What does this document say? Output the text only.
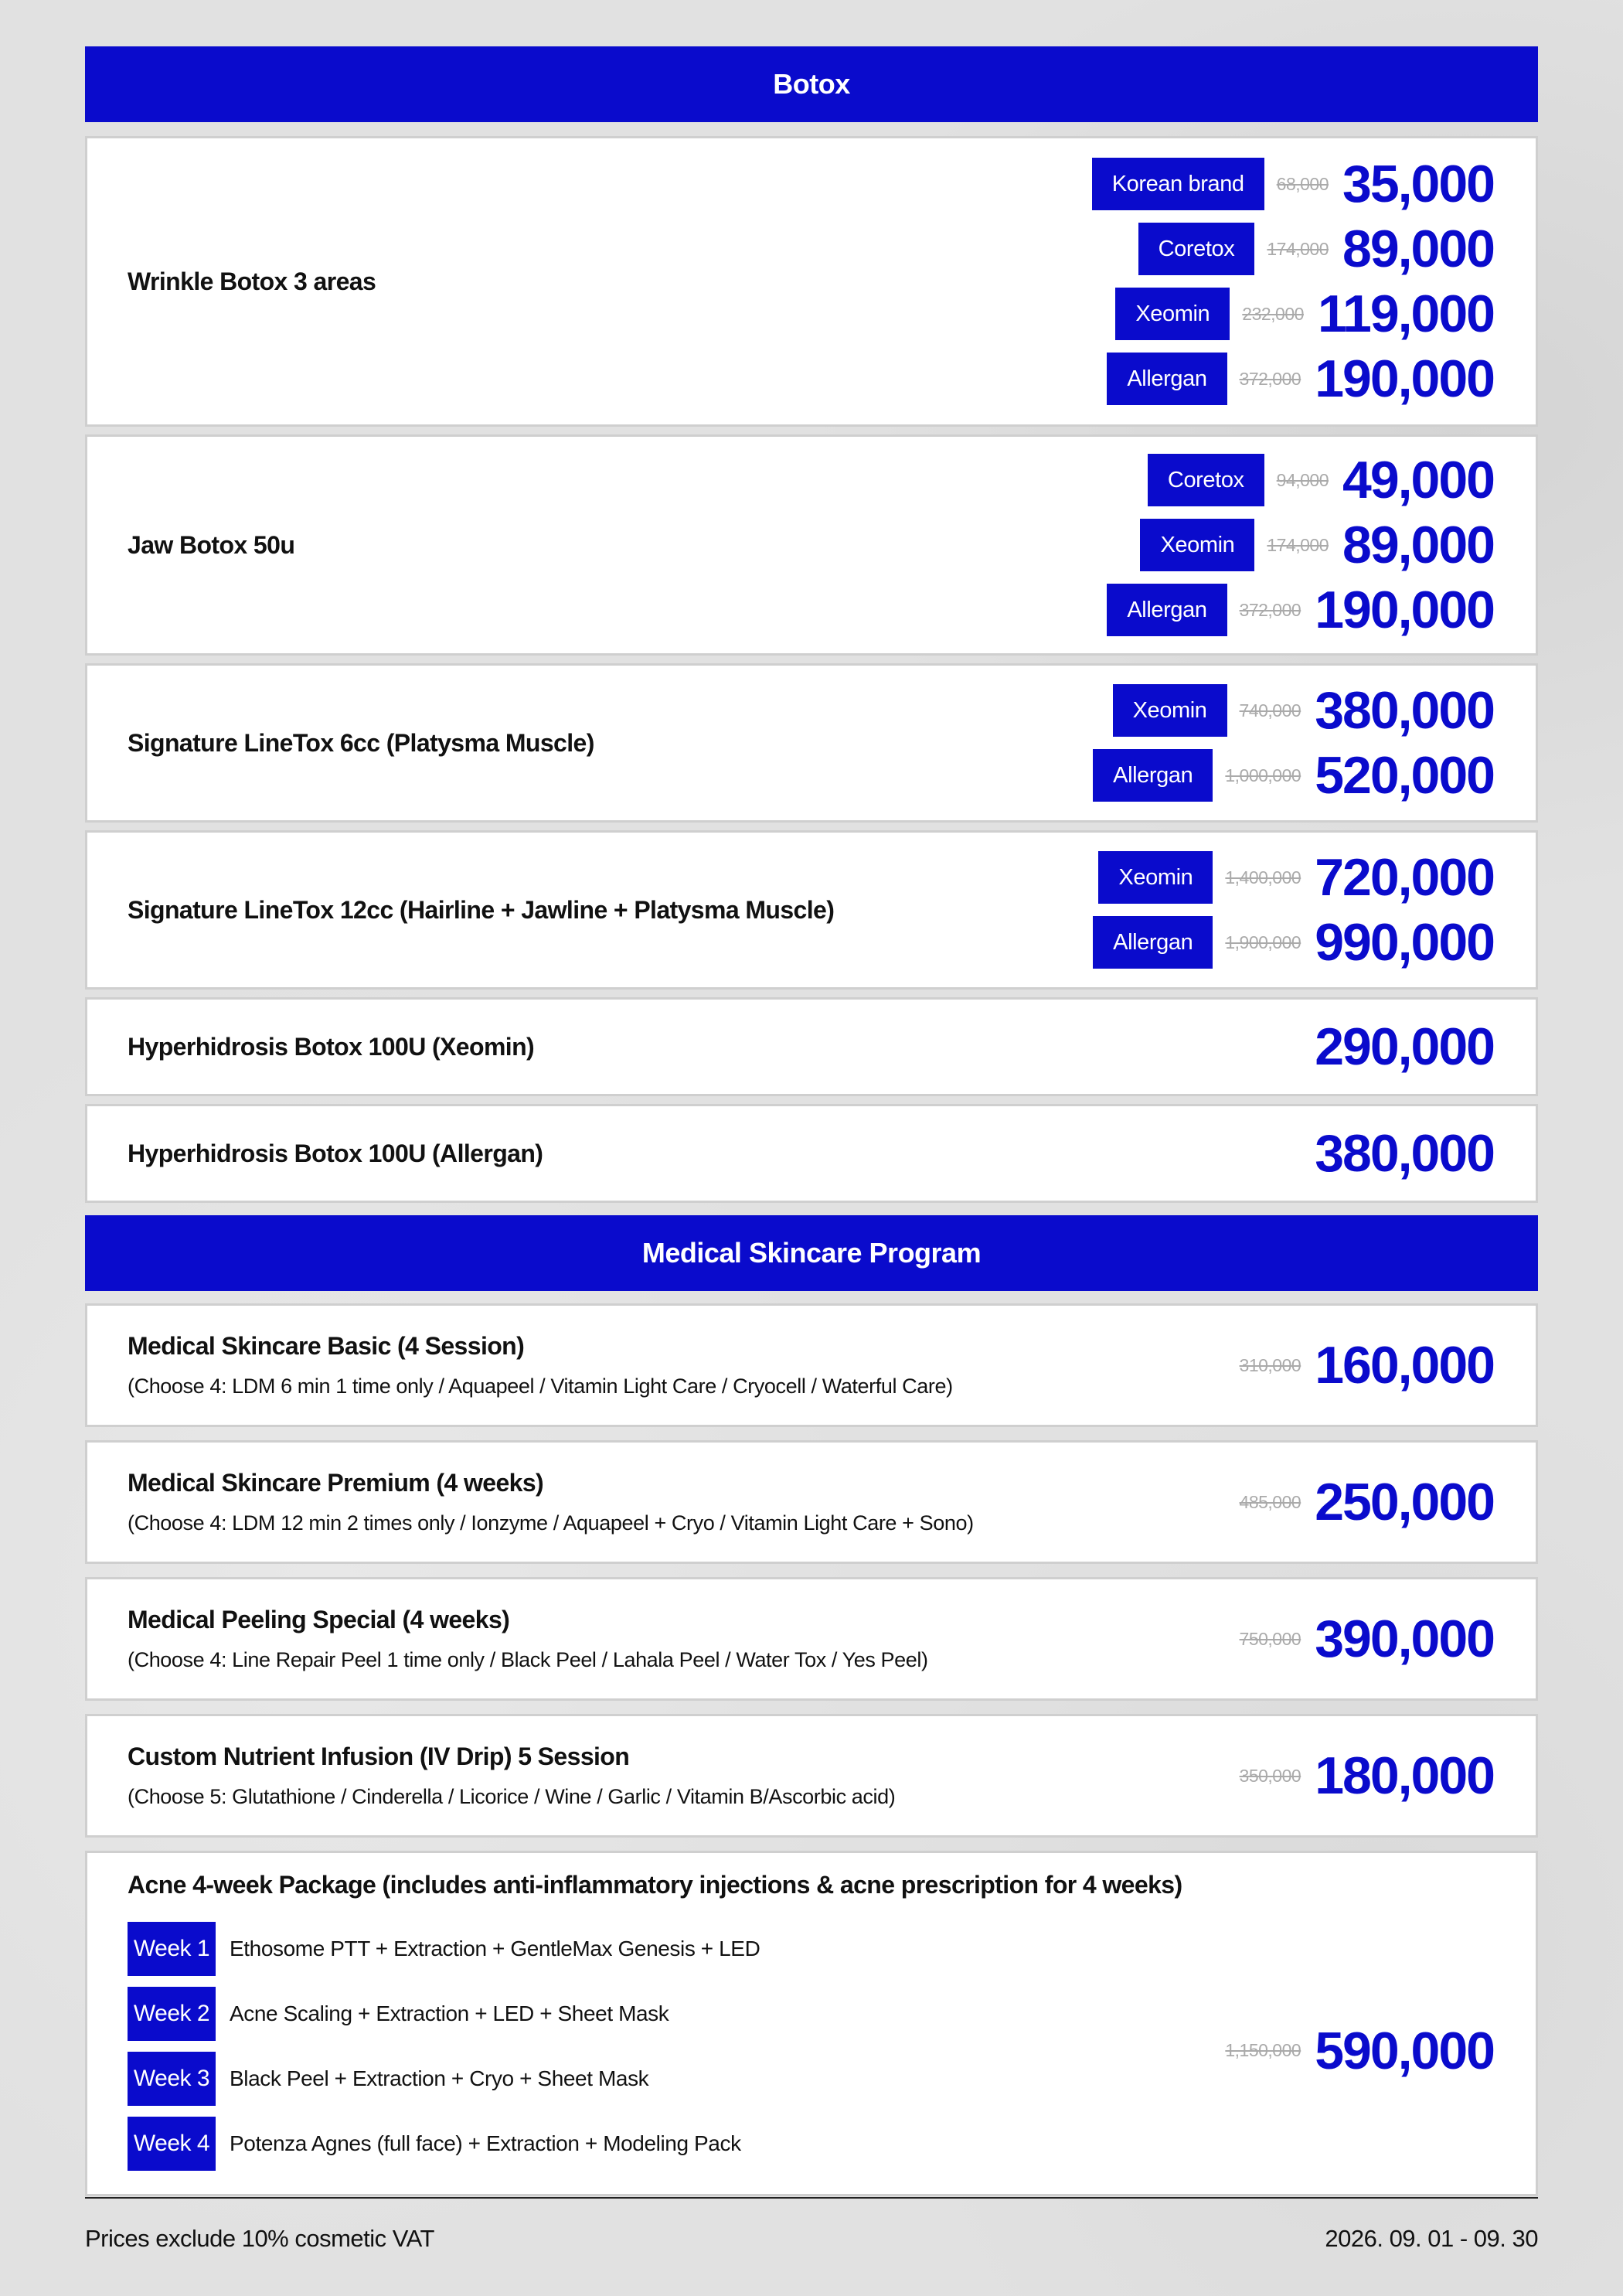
Botox
Wrinkle Botox 3 areas
Korean brand	68,000 35,000
Coretox	174,000 89,000
Xeomin	232,000 119,000
Allergan	372,000 190,000
Jaw Botox 50u
Coretox	94,000 49,000
Xeomin	174,000 89,000
Allergan	372,000 190,000
Signature LineTox 6cc (Platysma Muscle)
Xeomin	740,000 380,000
Allergan	1,000,000 520,000
Signature LineTox 12cc (Hairline + Jawline + Platysma Muscle)
Xeomin	1,400,000 720,000
Allergan	1,900,000 990,000
Hyperhidrosis Botox 100U (Xeomin)	290,000
Hyperhidrosis Botox 100U (Allergan)	380,000
Medical Skincare Program
Medical Skincare Basic (4 Session)
(Choose 4: LDM 6 min 1 time only / Aquapeel / Vitamin Light Care / Cryocell / Waterful Care)
310,000 160,000
Medical Skincare Premium (4 weeks)
(Choose 4: LDM 12 min 2 times only / Ionzyme / Aquapeel + Cryo / Vitamin Light Care + Sono)
485,000 250,000
Medical Peeling Special (4 weeks)
(Choose 4: Line Repair Peel 1 time only / Black Peel / Lahala Peel / Water Tox / Yes Peel)
750,000 390,000
Custom Nutrient Infusion (IV Drip) 5 Session
(Choose 5: Glutathione / Cinderella / Licorice / Wine / Garlic / Vitamin B/Ascorbic acid)
350,000 180,000
Acne 4-week Package (includes anti-inflammatory injections & acne prescription for 4 weeks)
Week 1 Ethosome PTT + Extraction + GentleMax Genesis + LED
Week 2 Acne Scaling + Extraction + LED + Sheet Mask
Week 3 Black Peel + Extraction + Cryo + Sheet Mask
Week 4 Potenza Agnes (full face) + Extraction + Modeling Pack
1,150,000 590,000
Prices exclude 10% cosmetic VAT	2026. 09. 01 - 09. 30
